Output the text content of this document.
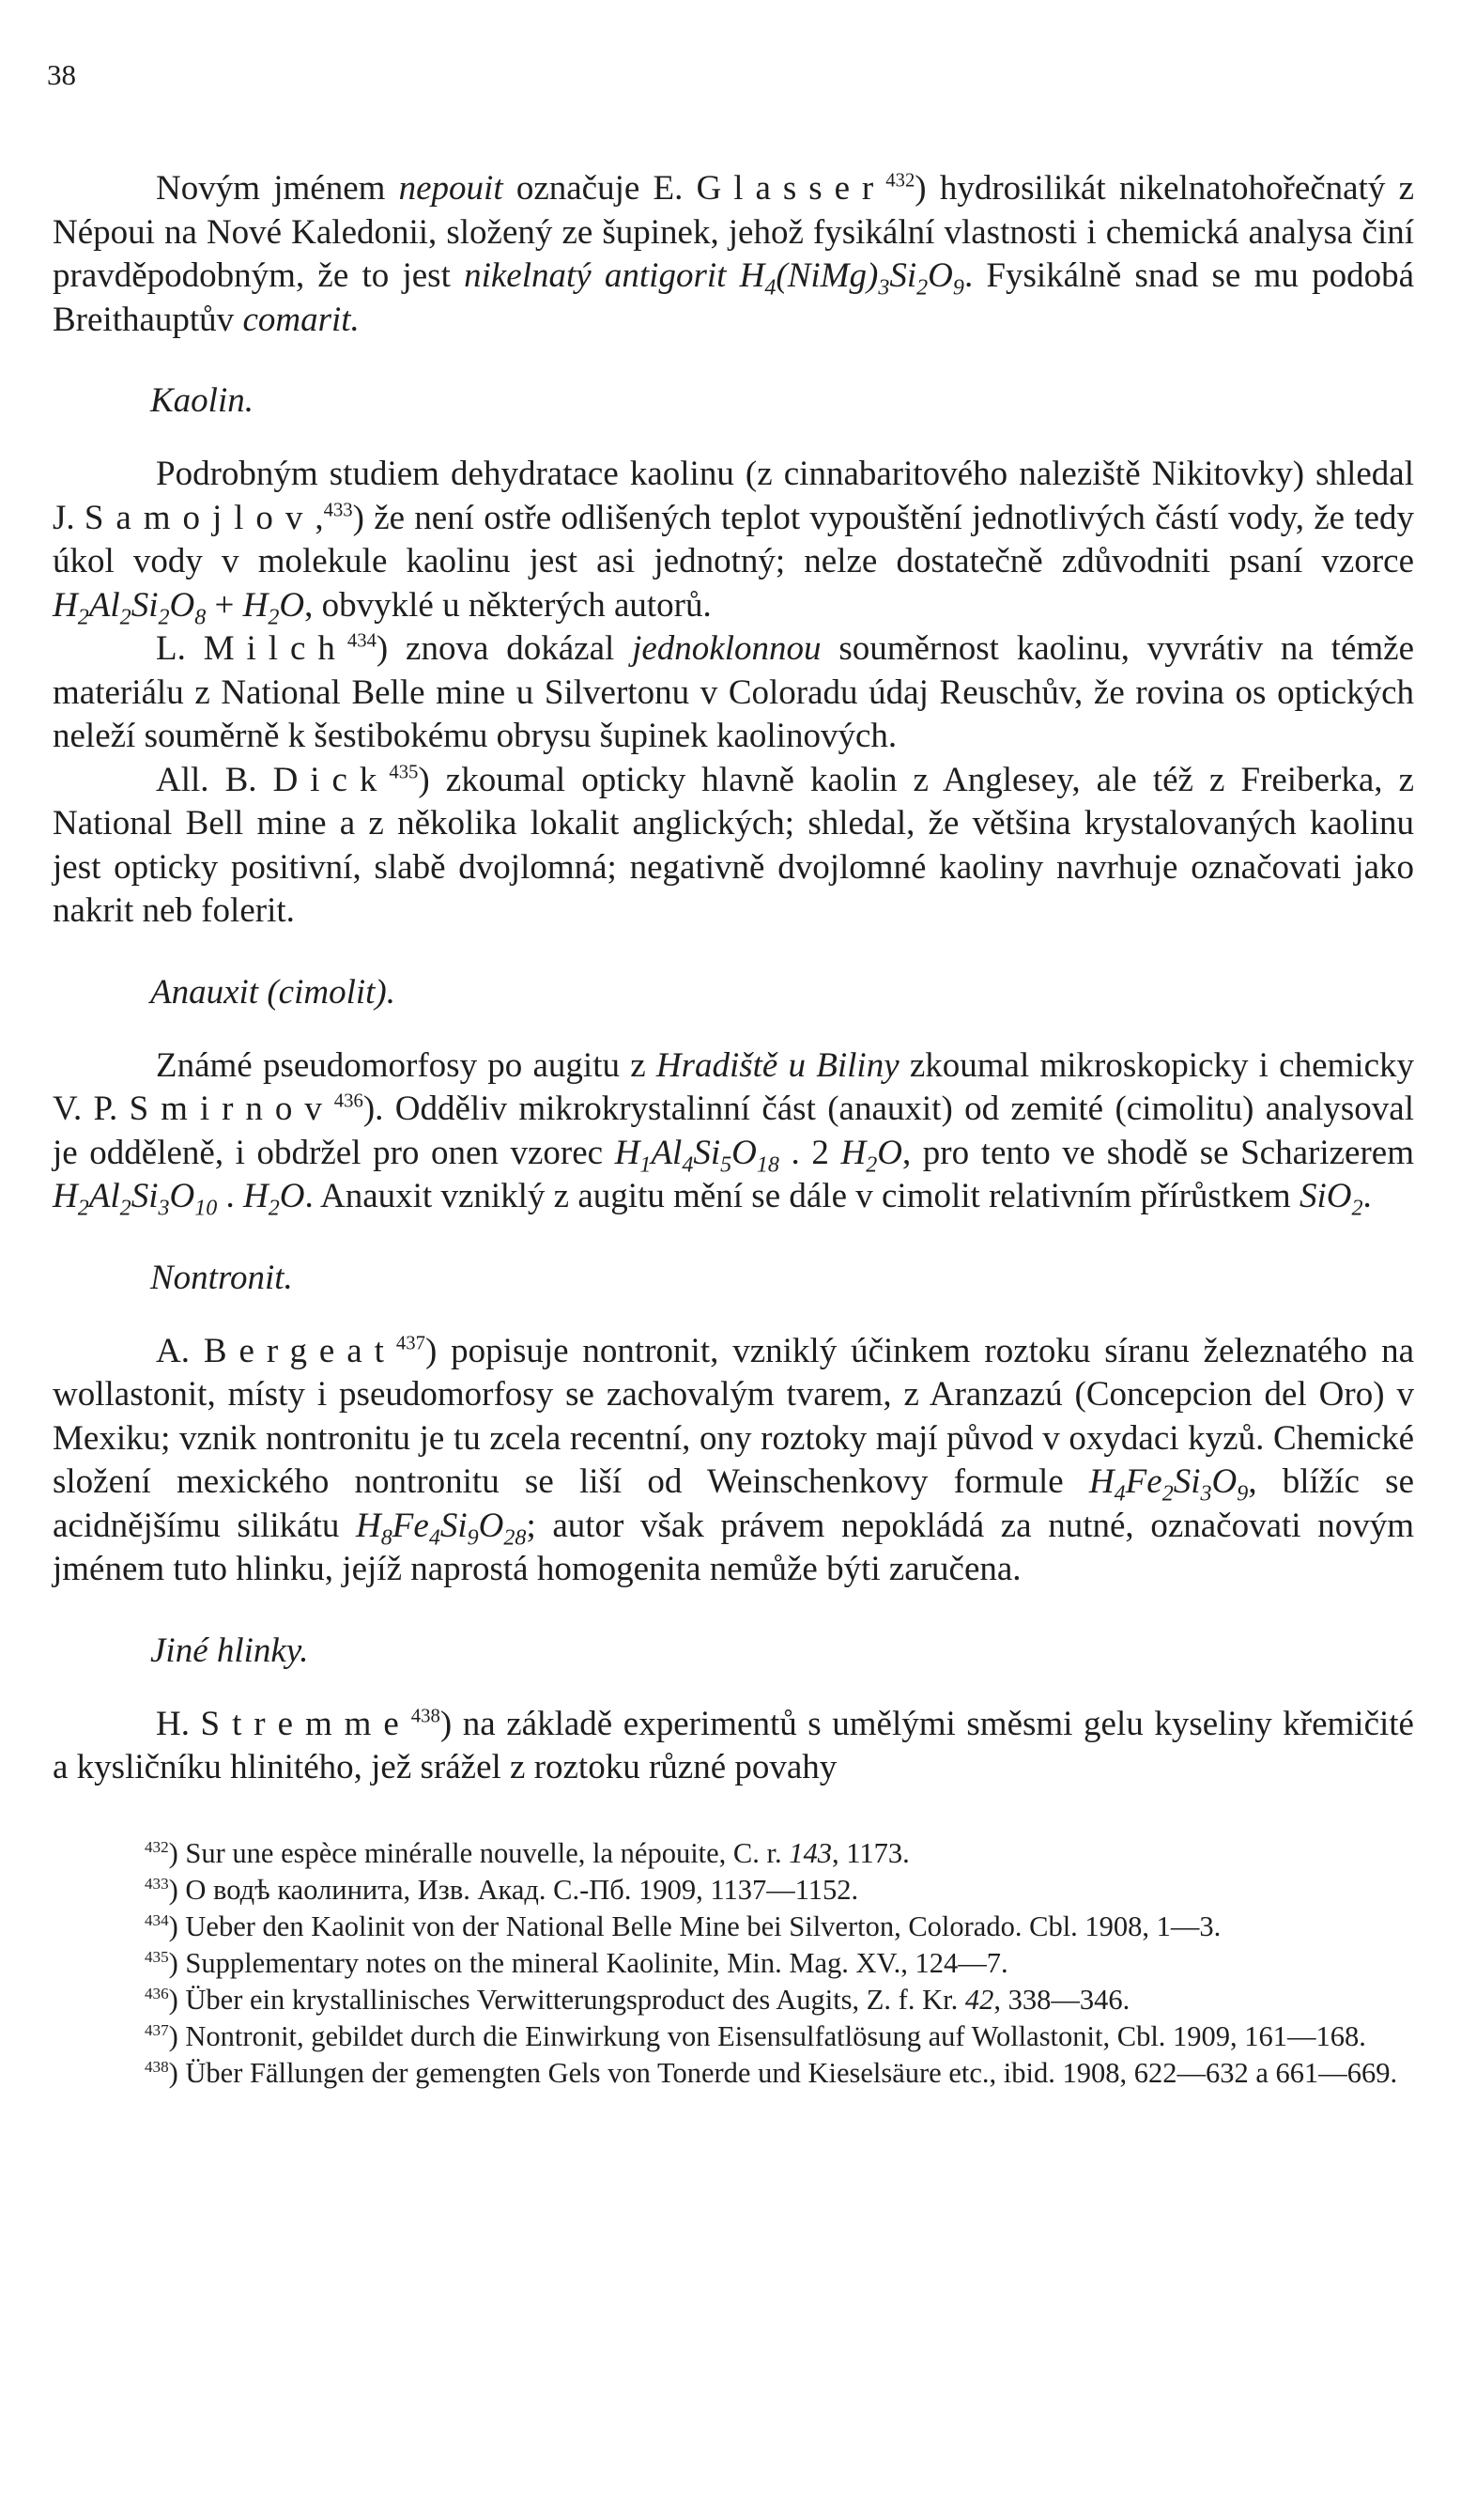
38

Novým jménem nepouit označuje E. Glasser$^{432}$) hydrosilikát nikelnatohořečnatý z Népoui na Nové Kaledonii, složený ze šupinek, jehož fysikální vlastnosti i chemická analysa činí pravděpodobným, že to jest nikelnatý antigorit $H_4(NiMg)_3Si_2O_9$. Fysikálně snad se mu podobá Breithauptův comarit.

Kaolin.

Podrobným studiem dehydratace kaolinu (z cinnabaritového naleziště Nikitovky) shledal J. Samojlov,$^{433}$) že není ostře odlišených teplot vypouštění jednotlivých částí vody, že tedy úkol vody v molekule kaolinu jest asi jednotný; nelze dostatečně zdůvodniti psaní vzorce $H_2Al_2Si_2O_8 + H_2O$, obvyklé u některých autorů.

L. Milch$^{434}$) znova dokázal jednoklonnou souměrnost kaolinu, vyvrátiv na témže materiálu z National Belle mine u Silvertonu v Coloradu údaj Reuschův, že rovina os optických neleží souměrně k šestibokému obrysu šupinek kaolinových.

All. B. Dick$^{435}$) zkoumal opticky hlavně kaolin z Anglesey, ale též z Freiberka, z National Bell mine a z několika lokalit anglických; shledal, že většina krystalovaných kaolinu jest opticky positivní, slabě dvojlomná; negativně dvojlomné kaoliny navrhuje označovati jako nakrit neb folerit.

Anauxit (cimolit).

Známé pseudomorfosy po augitu z Hradiště u Biliny zkoumal mikroskopicky i chemicky V. P. Smirnov$^{436}$). Odděliv mikrokrystalinní část (anauxit) od zemité (cimolitu) analysoval je odděleně, i obdržel pro onen vzorec $H_1Al_4Si_5O_{18}$ . 2 $H_2O$, pro tento ve shodě se Scharizerem $H_2Al_2Si_3O_{10}$ . $H_2O$. Anauxit vzniklý z augitu mění se dále v cimolit relativním přírůstkem SiO$_2$.

Nontronit.

A. Bergeat$^{437}$) popisuje nontronit, vzniklý účinkem roztoku síranu železnatého na wollastonit, místy i pseudomorfosy se zachovalým tvarem, z Aranzazú (Concepcion del Oro) v Mexiku; vznik nontronitu je tu zcela recentní, ony roztoky mají původ v oxydaci kyzů. Chemické složení mexického nontronitu se liší od Weinschenkovy formule $H_4Fe_2Si_3O_9$, blížíc se acidnějšímu silikátu $H_8Fe_4Si_9O_{28}$; autor však právem nepokládá za nutné, označovati novým jménem tuto hlinku, jejíž naprostá homogenita nemůže býti zaručena.

Jiné hlinky.

H. Stremme$^{438}$) na základě experimentů s umělými směsmi gelu kyseliny křemičité a kysličníku hlinitého, jež srážel z roztoku různé povahy

$^{432}$) Sur une espèce minéralle nouvelle, la népouite, C. r. 143, 1173.

$^{433}$) О водѣ каолинита, Изв. Акад. С.-Пб. 1909, 1137—1152.

$^{434}$) Ueber den Kaolinit von der National Belle Mine bei Silverton, Colorado. Cbl. 1908, 1—3.

$^{435}$) Supplementary notes on the mineral Kaolinite, Min. Mag. XV., 124—7.

$^{436}$) Über ein krystallinisches Verwitterungsproduct des Augits, Z. f. Kr. 42, 338—346.

$^{437}$) Nontronit, gebildet durch die Einwirkung von Eisensulfatlösung auf Wollastonit, Cbl. 1909, 161—168.

$^{438}$) Über Fällungen der gemengten Gels von Tonerde und Kieselsäure etc., ibid. 1908, 622—632 a 661—669.
